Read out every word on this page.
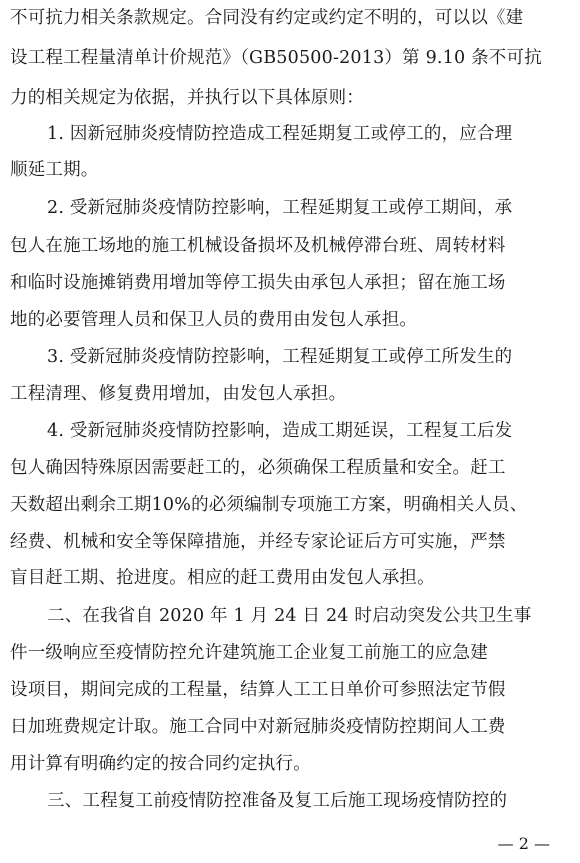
不可抗力相关条款规定。合同没有约定或约定不明的，可以以《建
设工程工程量清单计价规范》（GB50500-2013）第 9.10 条不可抗
力的相关规定为依据，并执行以下具体原则：
1. 因新冠肺炎疫情防控造成工程延期复工或停工的，应合理
顺延工期。
2. 受新冠肺炎疫情防控影响，工程延期复工或停工期间，承
包人在施工场地的施工机械设备损坏及机械停滞台班、周转材料
和临时设施摊销费用增加等停工损失由承包人承担；留在施工场
地的必要管理人员和保卫人员的费用由发包人承担。
3. 受新冠肺炎疫情防控影响，工程延期复工或停工所发生的
工程清理、修复费用增加，由发包人承担。
4. 受新冠肺炎疫情防控影响，造成工期延误，工程复工后发
包人确因特殊原因需要赶工的，必须确保工程质量和安全。赶工
天数超出剩余工期10%的必须编制专项施工方案，明确相关人员、
经费、机械和安全等保障措施，并经专家论证后方可实施，严禁
盲目赶工期、抢进度。相应的赶工费用由发包人承担。
二、在我省自 2020 年 1 月 24 日 24 时启动突发公共卫生事
件一级响应至疫情防控允许建筑施工企业复工前施工的应急建
设项目，期间完成的工程量，结算人工工日单价可参照法定节假
日加班费规定计取。施工合同中对新冠肺炎疫情防控期间人工费
用计算有明确约定的按合同约定执行。
三、工程复工前疫情防控准备及复工后施工现场疫情防控的
— 2 —
